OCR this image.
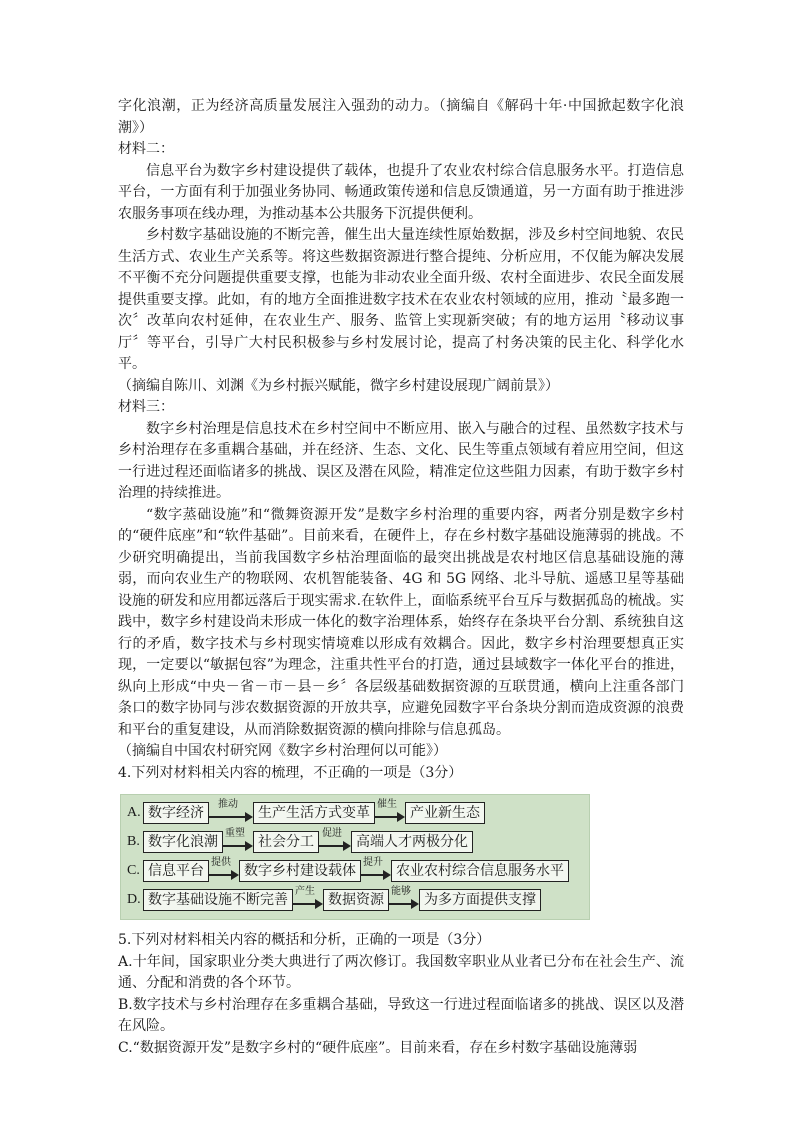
字化浪潮，正为经济高质量发展注入强劲的动力。（摘编自《解码十年·中国掀起数字化浪潮》）

材料二：

信息平台为数字乡村建设提供了载体，也提升了农业农村综合信息服务水平。打造信息平台，一方面有利于加强业务协同、畅通政策传递和信息反馈通道，另一方面有助于推进涉农服务事项在线办理，为推动基本公共服务下沉提供便利。

乡村数字基础设施的不断完善，催生出大量连续性原始数据，涉及乡村空间地貌、农民生活方式、农业生产关系等。将这些数据资源进行整合提纯、分析应用，不仅能为解决发展不平衡不充分问题提供重要支撑，也能为非动农业全面升级、农村全面进步、农民全面发展提供重要支撑。此如，有的地方全面推进数字技术在农业农村领域的应用，推动〝最多跑一次〞改革向农村延伸，在农业生产、服务、监管上实现新突破；有的地方运用〝移动议事厅〞等平台，引导广大村民积极参与乡村发展讨论，提高了村务决策的民主化、科学化水平。

（摘编自陈川、刘渊《为乡村振兴赋能，微字乡村建设展现广阔前景》）

材料三：

数字乡村治理是信息技术在乡村空间中不断应用、嵌入与融合的过程、虽然数字技术与乡村治理存在多重耦合基础，并在经济、生态、文化、民生等重点领域有着应用空间，但这一行进过程还面临诸多的挑战、误区及潜在风险，精准定位这些阻力因素，有助于数字乡村治理的持续推进。

“数字蒸础设施”和“微舞资源开发”是数字乡村治理的重要内容，两者分别是数字乡村的“硬件底座”和“软件基础”。目前来看，在硬件上，存在乡村数字基础设施薄弱的挑战。不少研究明确提出，当前我国数字乡枯治理面临的最突出挑战是农村地区信息基础设施的薄弱，而向农业生产的物联网、农机智能装备、4G 和 5G 网络、北斗导航、遥感卫星等基础设施的研发和应用都远落后于现实需求.在软件上，面临系统平台互斥与数据孤岛的梳战。实践中，数字乡村建设尚未形成一体化的数字治理体系，始终存在条块平台分割、系统独自这行的矛盾，数字技术与乡村现实情境难以形成有效耦合。因此，数字乡村治理要想真正实现，一定要以“敏据包容”为理念，注重共性平台的打造，通过县域数字一体化平台的推进，纵向上形成“中央－省－市－县－乡〞各层级基础数据资源的互联贯通，横向上注重各部门条口的数字协同与涉农数据资源的开放共享，应避免园数字平台条块分割而造成资源的浪费和平台的重复建设，从而消除数据资源的横向排除与信息孤岛。

（摘编自中国农村研究网《数字乡村治理何以可能》）

4.下列对材料相关内容的梳理，不正确的一项是（3分）

A. 数字经济
推动
生产生活方式变革
催生
产业新生态
B. 数字化浪潮
重塑
社会分工
促进
高端人才两极分化
C. 信息平台
提供
数字乡村建设载体
提升
农业农村综合信息服务水平
D. 数字基础设施不断完善
产生
数据资源
能够
为多方面提供支撑

5.下列对材料相关内容的概括和分析，正确的一项是（3分）

A.十年间，国家职业分类大典进行了两次修订。我国数宰职业从业者已分布在社会生产、流通、分配和消费的各个环节。

B.数字技术与乡村治理存在多重耦合基础，导致这一行进过程面临诸多的挑战、误区以及潜在风险。

C.“数据资源开发”是数字乡村的“硬件底座”。目前来看，存在乡村数字基础设施薄弱
